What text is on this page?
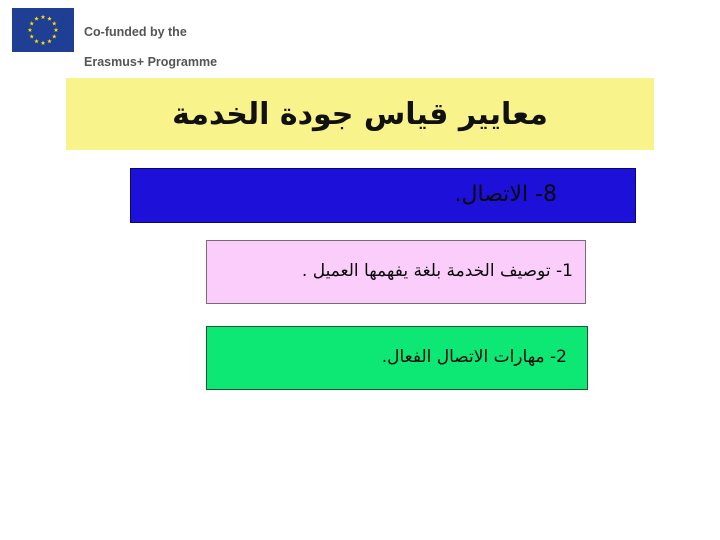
Co-funded by the

Erasmus+ Programme

معايير قياس جودة الخدمة
8- الاتصال.
1- توصيف الخدمة بلغة يفهمها العميل .
2- مهارات الاتصال الفعال.
